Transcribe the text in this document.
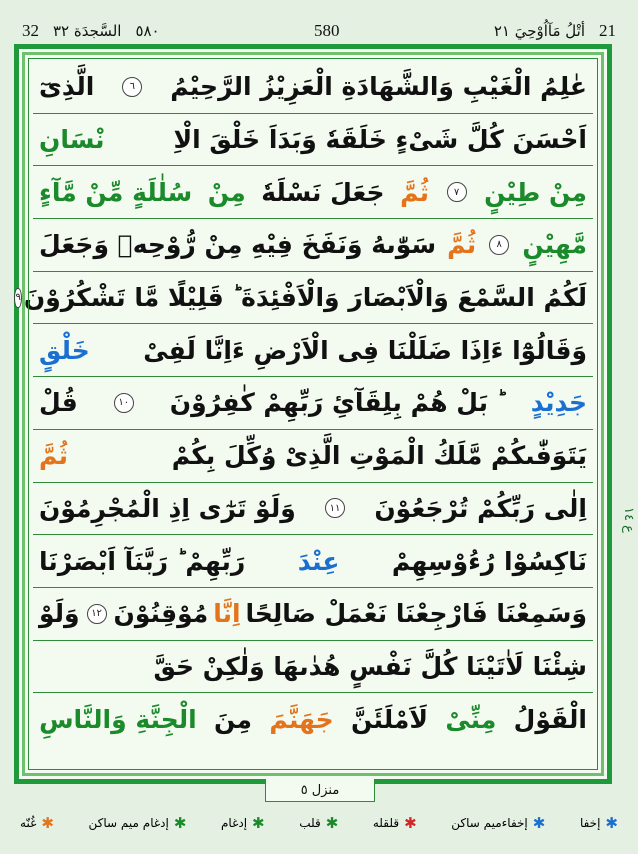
32 السَّجدَة ٣٢ ٥٨٠	580	أتْلُ مَآاُوْحِيَ ٢١ 21
عٰلِمُ الْغَیْبِ وَالشَّهَادَةِ الْعَزِیْزُ الرَّحِیْمُ
٦
الَّذِیٓ
اَحْسَنَ كُلَّ شَیْءٍ خَلَقَهٗ وَبَدَاَ خَلْقَ الْاِ
نْسَانِ
مِنْ طِیْنٍ
٧
ثُمَّ
جَعَلَ نَسْلَهٗ
مِنْ
سُلٰلَةٍ مِّنْ مَّآءٍ
مَّهِیْنٍ
٨
ثُمَّ
سَوّٰىهُ وَنَفَخَ فِیْهِ مِنْ رُّوْحِهٖ وَجَعَلَ
لَكُمُ السَّمْعَ وَالْاَبْصَارَ وَالْاَفْئِدَةَ ؕ قَلِیْلًا مَّا تَشْكُرُوْنَ
٩
وَقَالُوْٓا ءَاِذَا ضَلَلْنَا فِی الْاَرْضِ ءَاِنَّا لَفِیْ
خَلْقٍ
جَدِیْدٍ
ؕ بَلْ هُمْ بِلِقَآئِ رَبِّهِمْ كٰفِرُوْنَ
١٠
قُلْ
یَتَوَفّٰىكُمْ مَّلَكُ الْمَوْتِ الَّذِیْ وُكِّلَ بِكُمْ
ثُمَّ
اِلٰی رَبِّكُمْ تُرْجَعُوْنَ
١١
وَلَوْ تَرٰٓی اِذِ الْمُجْرِمُوْنَ
نَاكِسُوْا رُءُوْسِهِمْ
عِنْدَ
رَبِّهِمْ ؕ رَبَّنَآ اَبْصَرْنَا
وَسَمِعْنَا فَارْجِعْنَا نَعْمَلْ صَالِحًا
اِنَّا
مُوْقِنُوْنَ
١٢
وَلَوْ
شِئْنَا لَاٰتَیْنَا كُلَّ نَفْسٍ هُدٰىهَا وَلٰكِنْ حَقَّ
الْقَوْلُ
مِنِّیْ
لَاَمْلَئَنَّ
جَهَنَّمَ
مِنَ
الْجِنَّةِ وَالنَّاسِ
ع ١٤
منزل ٥
✱
إخفا
✱
إخفاءمیم ساكن
✱
قلقله
✱
قلب
✱
إدغام
✱
إدغام میم ساكن
✱
غُنّه
